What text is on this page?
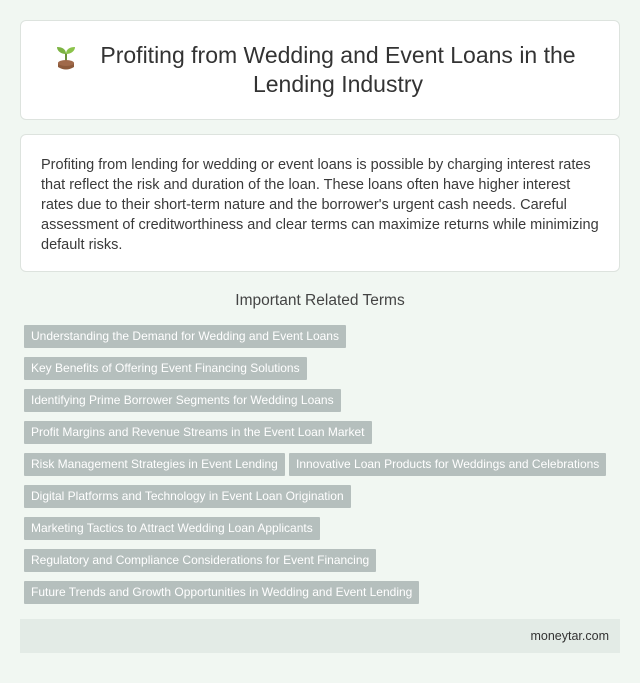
Profiting from Wedding and Event Loans in the Lending Industry

Profiting from lending for wedding or event loans is possible by charging interest rates that reflect the risk and duration of the loan. These loans often have higher interest rates due to their short-term nature and the borrower's urgent cash needs. Careful assessment of creditworthiness and clear terms can maximize returns while minimizing default risks.

Important Related Terms
Understanding the Demand for Wedding and Event Loans
Key Benefits of Offering Event Financing Solutions
Identifying Prime Borrower Segments for Wedding Loans
Profit Margins and Revenue Streams in the Event Loan Market
Risk Management Strategies in Event Lending	Innovative Loan Products for Weddings and Celebrations
Digital Platforms and Technology in Event Loan Origination
Marketing Tactics to Attract Wedding Loan Applicants
Regulatory and Compliance Considerations for Event Financing
Future Trends and Growth Opportunities in Wedding and Event Lending
moneytar.com
